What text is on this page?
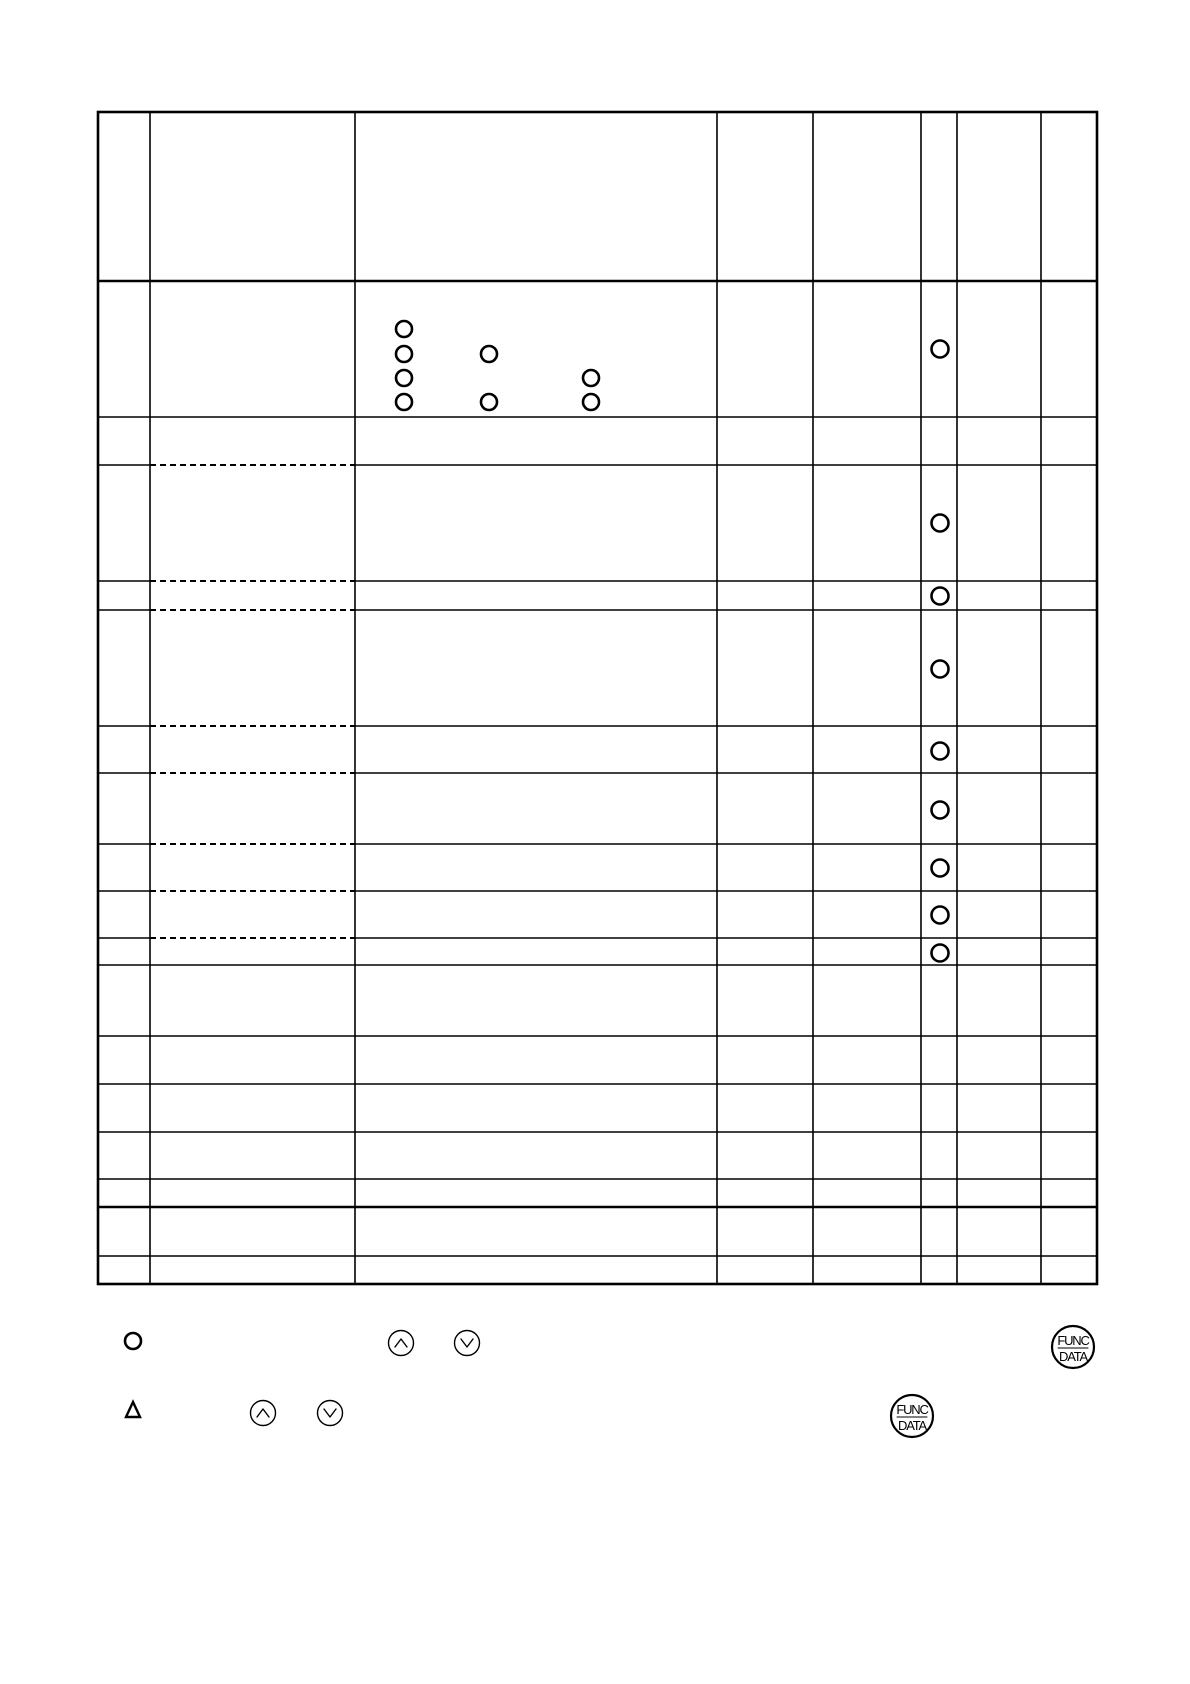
FUNC
DATA
FUNC
DATA
